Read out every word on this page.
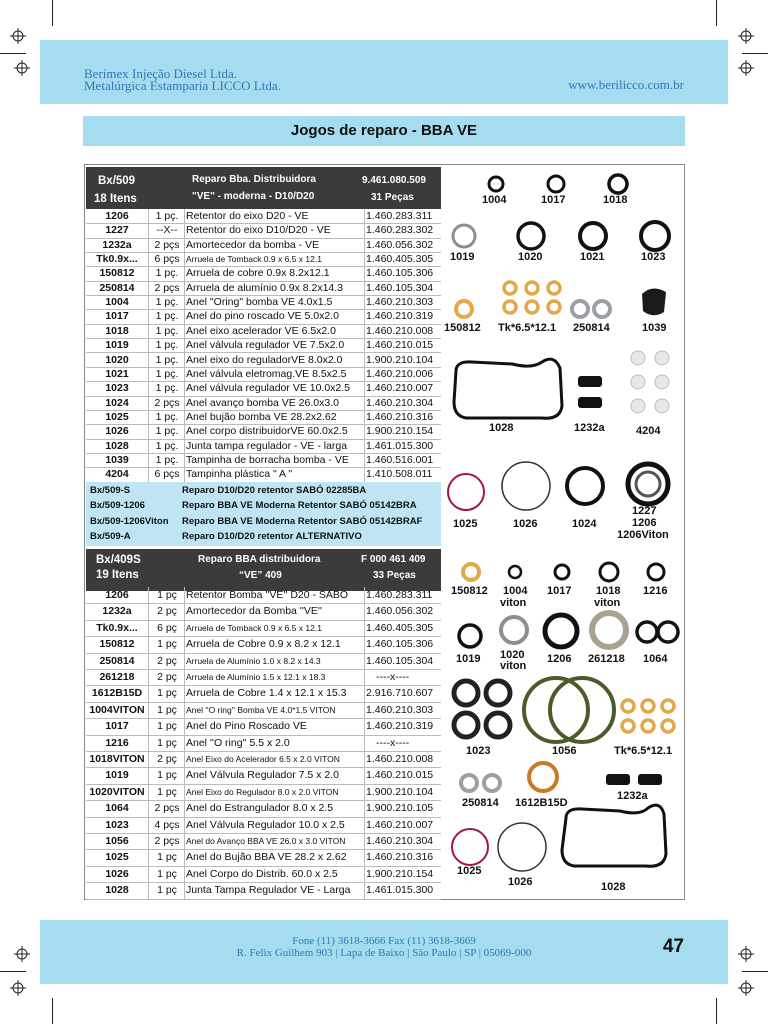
Berimex Injeção Diesel Ltda.
Metalúrgica Estamparia LICCO Ltda.	www.berilicco.com.br
Jogos de reparo - BBA VE
Bx/509
18 Itens
Reparo Bba. Distribuidora
"VE" - moderna - D10/D20
9.461.080.509
31 Peças
1206	1 pç. Retentor do eixo D20 - VE	1.460.283.311
1227	--X-- Retentor do eixo D10/D20 - VE	1.460.283.302
1232a	2 pçs Amortecedor da bomba - VE	1.460.056.302
Tk0.9x...	6 pçs Arruela de Tomback 0.9 x 6.5 x 12.1	1.460.405.305
150812	1 pç. Arruela de cobre 0.9x 8.2x12.1	1.460.105.306
250814	2 pçs Arruela de alumínio 0.9x 8.2x14.3 1.460.105.304
1004	1 pç. Anel "Oring" bomba VE 4.0x1.5	1.460.210.303
1017	1 pç. Anel do pino roscado VE 5.0x2.0	1.460.210.319
1018	1 pç. Anel eixo acelerador VE 6.5x2.0	1.460.210.008
1019	1 pç. Anel válvula regulador VE 7.5x2.0 1.460.210.015
1020	1 pç. Anel eixo do reguladorVE 8.0x2.0 1.900.210.104
1021	1 pç. Anel válvula eletromag.VE 8.5x2.5 1.460.210.006
1023	1 pç. Anel válvula regulador VE 10.0x2.5 1.460.210.007
1024	2 pçs Anel avanço bomba VE 26.0x3.0	1.460.210.304
1025	1 pç. Anel bujão bomba VE 28.2x2.62	1.460.210.316
1026	1 pç. Anel corpo distribuidorVE 60.0x2.5 1.900.210.154
1028	1 pç. Junta tampa regulador - VE - larga 1.461.015.300
1039	1 pç. Tampinha de borracha bomba - VE 1.460.516.001
4204	6 pçs Tampinha plástica " A "	1.410.508.011
Bx/509-S	Reparo D10/D20 retentor SABÓ 02285BA
Bx/509-1206	Reparo BBA VE Moderna Retentor SABÓ 05142BRA
Bx/509-1206Viton Reparo BBA VE Moderna Retentor SABÓ 05142BRAF
Bx/509-A	Reparo D10/D20 retentor ALTERNATIVO
1004	1017	1018
1019	1020	1021	1023
150812 Tk*6.5*12.1 250814	1039
1028	1232a	4204
1025	1026	1024
1227
1206
1206Viton
Bx/409S
19 Itens
Reparo BBA distribuidora
“VE” 409
F 000 461 409
33 Peças
1206	1 pç Retentor Bomba ''VE'' D20 - SABO 1.460.283.311
1232a	2 pç Amortecedor da Bomba ''VE''	1.460.056.302
Tk0.9x...	6 pç	Arruela de Tomback 0.9 x 6.5 x 12.1	1.460.405.305
150812	1 pç Arruela de Cobre 0.9 x 8.2 x 12.1 1.460.105.306
250814	2 pç	Arruela de Alumínio 1.0 x 8.2 x 14.3	1.460.105.304
261218	2 pç	Arruela de Alumínio 1.5 x 12.1 x 18.3	----x----
1612B15D	1 pç Arruela de Cobre 1.4 x 12.1 x 15.3 2.916.710.607
1004VITON	1 pç	Anel ''O ring'' Bomba VE 4.0*1.5 VITON	1.460.210.303
1017	1 pç Anel do Pino Roscado VE	1.460.210.319
1216	1 pç Anel ''O ring'' 5.5 x 2.0	----x----
1018VITON	2 pç	Anel Eixo do Acelerador 6.5 x 2.0 VITON 1.460.210.008
1019	1 pç Anel Válvula Regulador 7.5 x 2.0	1.460.210.015
1020VITON	1 pç	Anel Eixo do Regulador 8.0 x 2.0 VITON	1.900.210.104
1064	2 pçs Anel do Estrangulador 8.0 x 2.5	1.900.210.105
1023	4 pçs Anel Válvula Regulador 10.0 x 2.5 1.460.210.007
1056	2 pçs Anel do Avanço BBA VE 26.0 x 3.0 VITON 1.460.210.304
1025	1 pç Anel do Bujão BBA VE 28.2 x 2.62 1.460.210.316
1026	1 pç Anel Corpo do Distrib. 60.0 x 2.5	1.900.210.154
1028	1 pç Junta Tampa Regulador VE - Larga 1.461.015.300
150812 1004
viton
1017 1018
viton
1216
1019 1020
viton
1206 261218 1064
1023	1056	Tk*6.5*12.1
250814 1612B15D
1232a
1025
1026	1028
Fone (11) 3618-3666 Fax (11) 3618-3669
R. Felix Guilhem 903 | Lapa de Baixo | São Paulo | SP | 05069-000	47
